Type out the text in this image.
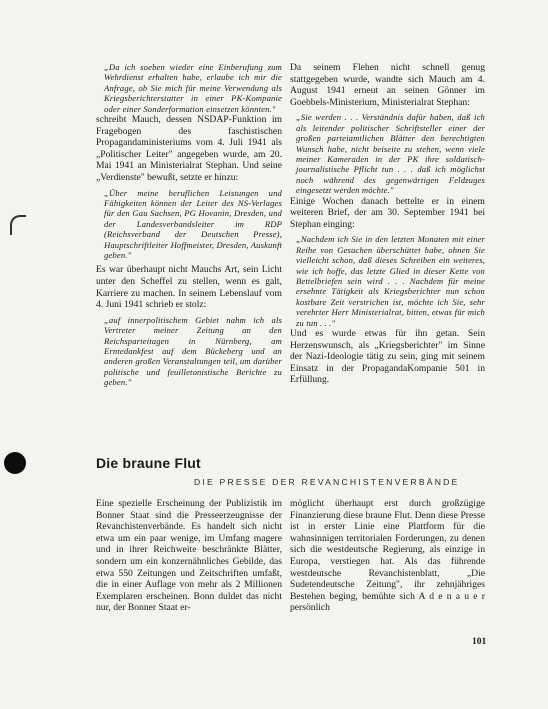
„Da ich soeben wieder eine Einberufung zum Wehrdienst erhalten habe, erlaube ich mir die Anfrage, ob Sie mich für meine Verwendung als Kriegsberichterstatter in einer PK-Kompanie oder einer Sonderformation einsetzen könnten."

schreibt Mauch, dessen NSDAP-Funktion im Fragebogen des faschistischen Propagandaministeriums vom 4. Juli 1941 als „Politischer Leiter" angegeben wurde, am 20. Mai 1941 an Ministerialrat Stephan. Und seine „Verdienste" bewußt, setzte er hinzu:

„Über meine beruflichen Leistungen und Fähigkeiten können der Leiter des NS-Verlages für den Gau Sachsen, PG Hovanin, Dresden, und der Landesverbandsleiter im RDP (Reichsverband der Deutschen Presse), Hauptschriftleiter Hoffmeister, Dresden, Auskunft geben."

Es war überhaupt nicht Mauchs Art, sein Licht unter den Scheffel zu stellen, wenn es galt, Karriere zu machen. In seinem Lebenslauf vom 4. Juni 1941 schrieb er stolz:

„auf innerpolitischem Gebiet nahm ich als Vertreter meiner Zeitung an den Reichsparteitagen in Nürnberg, am Erntedankfest auf dem Bückeberg und an anderen großen Veranstaltungen teil, um darüber politische und feuilletonistische Berichte zu geben."

Da seinem Flehen nicht schnell genug stattgegeben wurde, wandte sich Mauch am 4. August 1941 erneut an seinen Gönner im Goebbels-Ministerium, Ministerialrat Stephan:

„Sie werden . . . Verständnis dafür haben, daß ich als leitender politischer Schriftsteller einer der großen parteiamtlichen Blätter den berechtigten Wunsch habe, nicht beiseite zu stehen, wenn viele meiner Kameraden in der PK ihre soldatisch-journalistische Pflicht tun . . . daß ich möglichst noch während des gegenwärtigen Feldzuges eingesetzt werden möchte."

Einige Wochen danach bettelte er in einem weiteren Brief, der am 30. September 1941 bei Stephan einging:

„Nachdem ich Sie in den letzten Monaten mit einer Reihe von Gesuchen überschüttet habe, ohnen Sie vielleicht schon, daß dieses Schreiben ein weiteres, wie ich hoffe, das letzte Glied in dieser Kette von Bettelbriefen sein wird . . . Nachdem für meine ersehnte Tätigkeit als Kriegsberichter nun schon kostbare Zeit verstrichen ist, möchte ich Sie, sehr verehrter Herr Ministerialrat, bitten, etwas für mich zu tun . . ."

Und es wurde etwas für ihn getan. Sein Herzenswunsch, als „Kriegsberichter" im Sinne der Nazi-Ideologie tätig zu sein, ging mit seinem Einsatz in der PropagandaKompanie 501 in Erfüllung.

Die braune Flut
DIE PRESSE DER REVANCHISTENVERBÄNDE

Eine spezielle Erscheinung der Publizistik im Bonner Staat sind die Presseerzeugnisse der Revanchistenverbände. Es handelt sich nicht etwa um ein paar wenige, im Umfang magere und in ihrer Reichweite beschränkte Blätter, sondern um ein konzernähnliches Gebilde, das etwa 550 Zeitungen und Zeitschriften umfaßt, die in einer Auflage von mehr als 2 Millionen Exemplaren erscheinen. Bonn duldet das nicht nur, der Bonner Staat er-

möglicht überhaupt erst durch großzügige Finanzierung diese braune Flut. Denn diese Presse ist in erster Linie eine Plattform für die wahnsinnigen territorialen Forderungen, zu denen sich die westdeutsche Regierung, als einzige in Europa, verstiegen hat. Als das führende westdeutsche Revanchistenblatt, „Die Sudetendeutsche Zeitung", ihr zehnjähriges Bestehen beging, bemühte sich A d e n a u e r persönlich

101
